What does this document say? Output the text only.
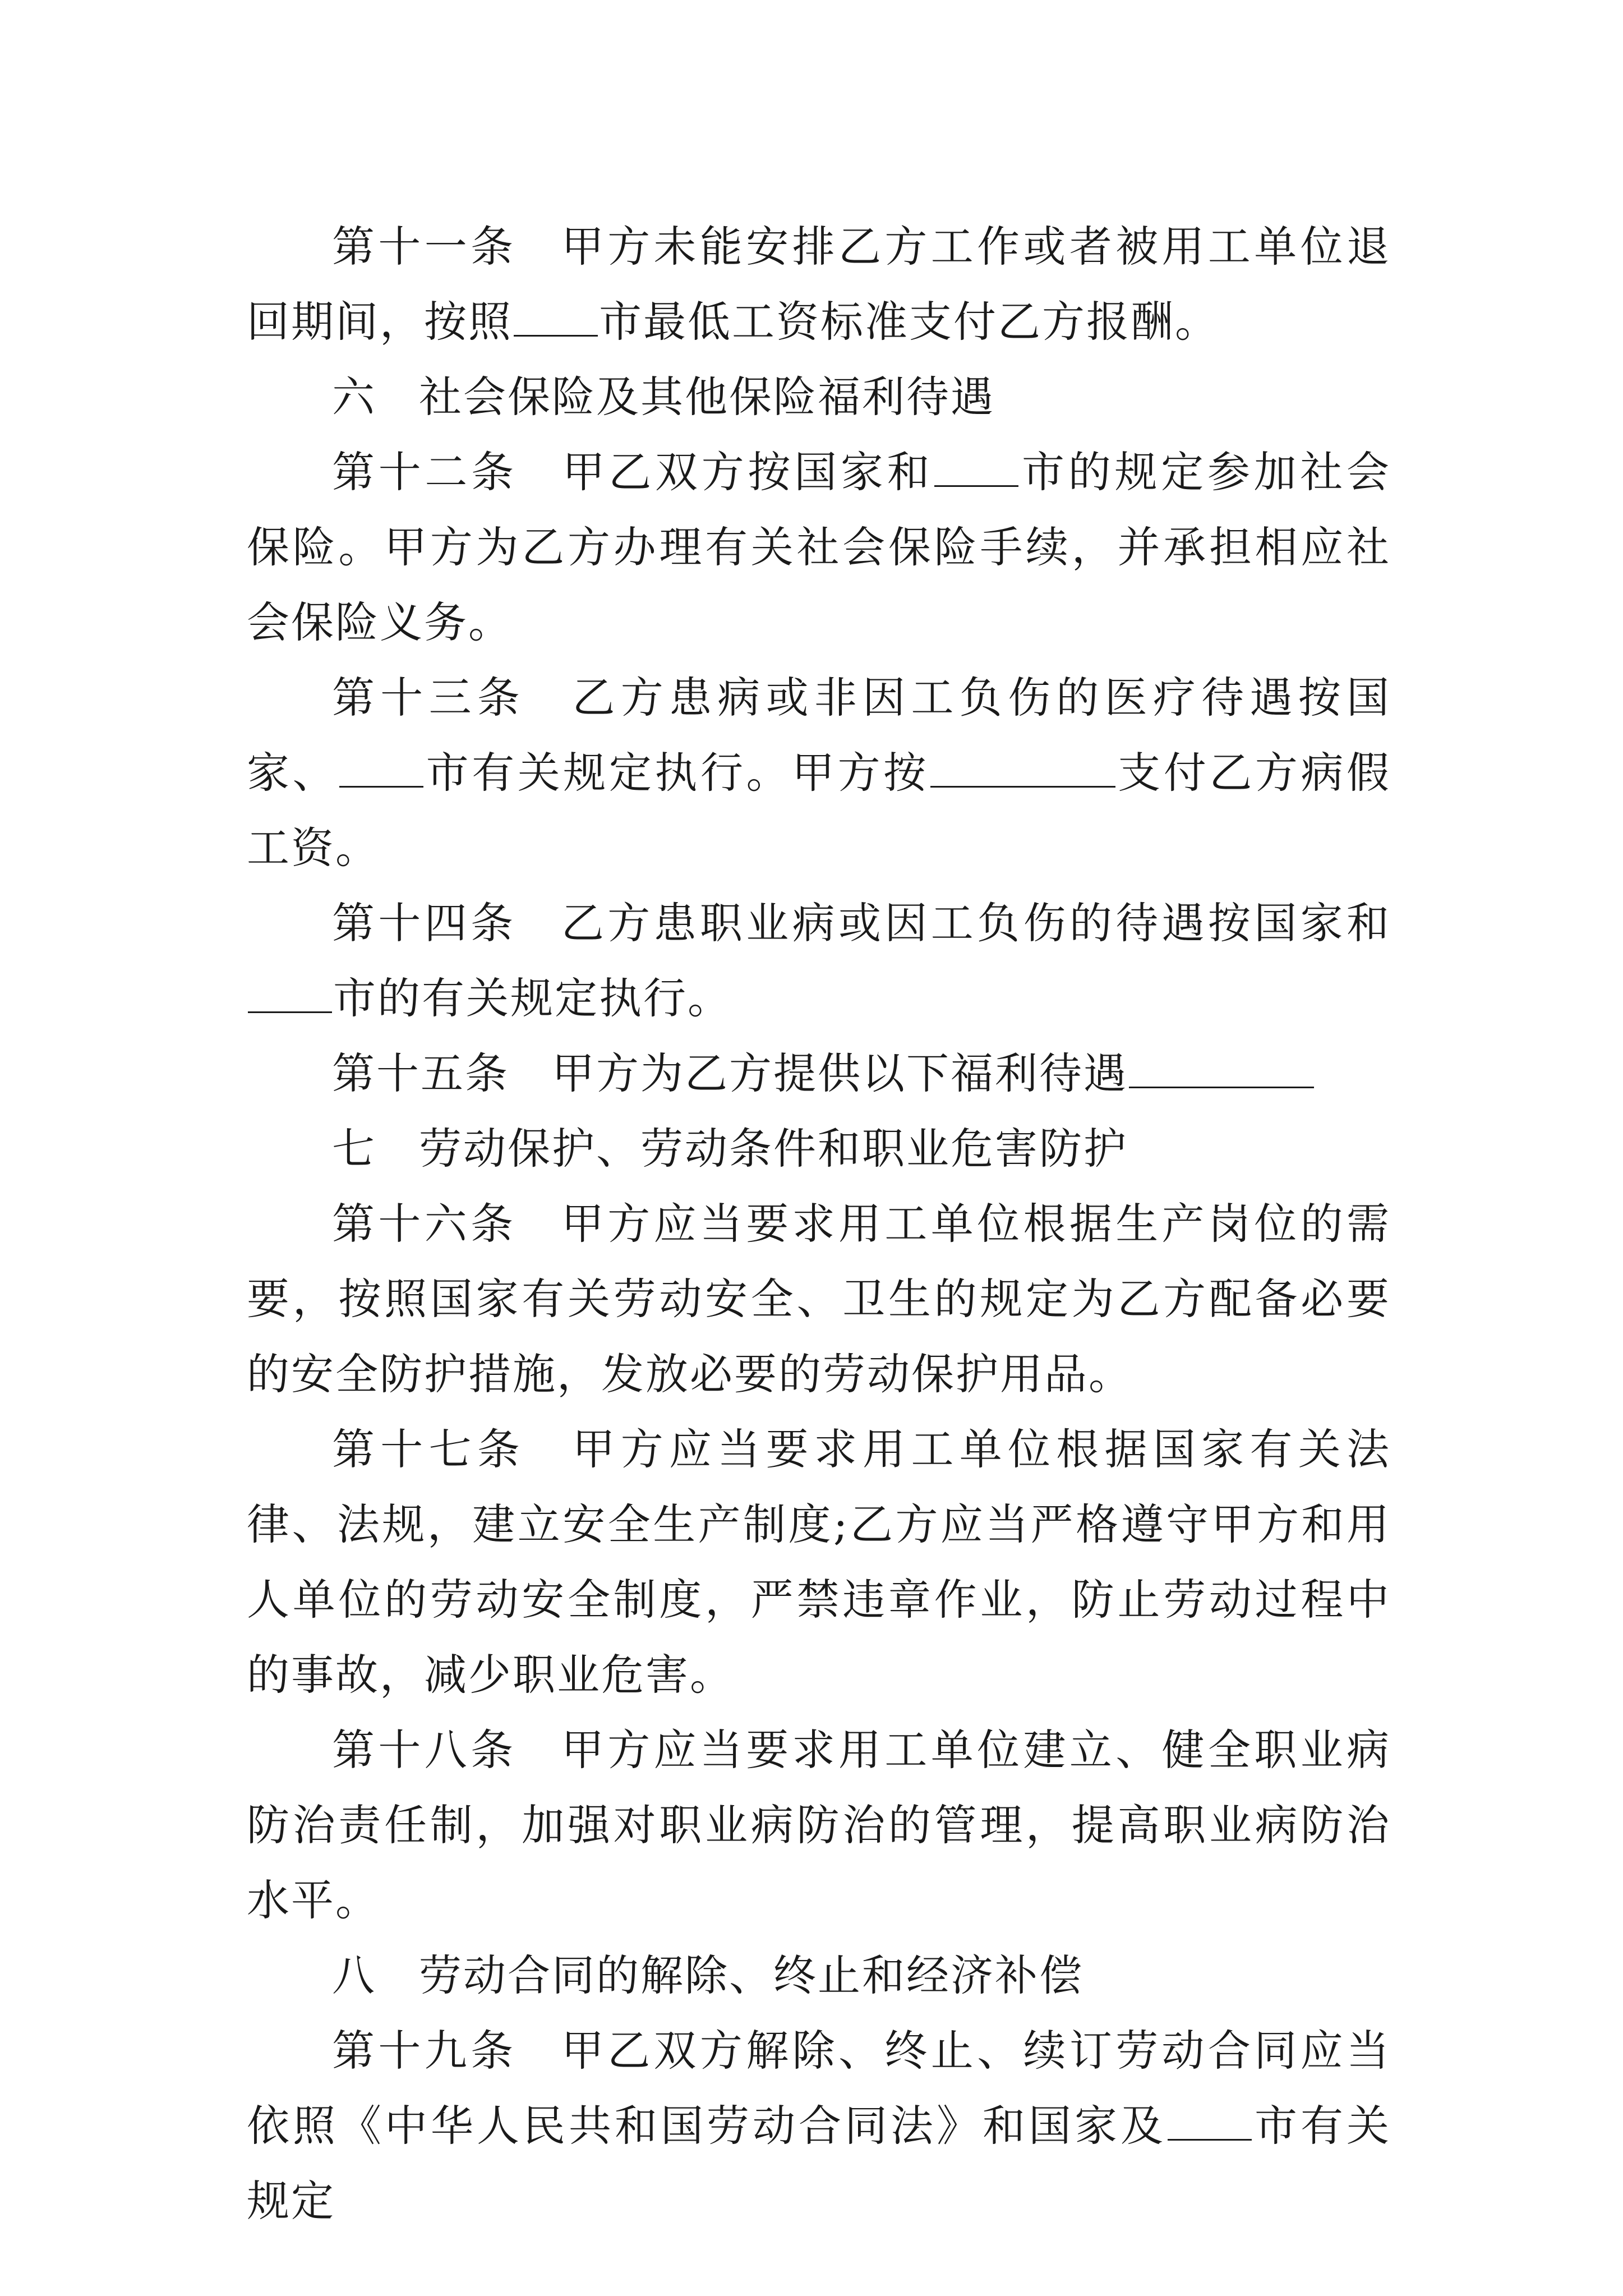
第十一条 甲方未能安排乙方工作或者被用工单位退回期间，按照 市最低工资标准支付乙方报酬。

六 社会保险及其他保险福利待遇

第十二条 甲乙双方按国家和 市的规定参加社会保险。甲方为乙方办理有关社会保险手续，并承担相应社会保险义务。

第十三条 乙方患病或非因工负伤的医疗待遇按国家、 市有关规定执行。甲方按	支付乙方病假工资。

第十四条 乙方患职业病或因工负伤的待遇按国家和市的有关规定执行。

第十五条 甲方为乙方提供以下福利待遇

七 劳动保护、劳动条件和职业危害防护

第十六条 甲方应当要求用工单位根据生产岗位的需要，按照国家有关劳动安全、卫生的规定为乙方配备必要的安全防护措施，发放必要的劳动保护用品。

第十七条 甲方应当要求用工单位根据国家有关法律、法规，建立安全生产制度;乙方应当严格遵守甲方和用人单位的劳动安全制度，严禁违章作业，防止劳动过程中的事故，减少职业危害。

第十八条 甲方应当要求用工单位建立、健全职业病防治责任制，加强对职业病防治的管理，提高职业病防治水平。

八 劳动合同的解除、终止和经济补偿

第十九条 甲乙双方解除、终止、续订劳动合同应当依照《中华人民共和国劳动合同法》和国家及 市有关规定
